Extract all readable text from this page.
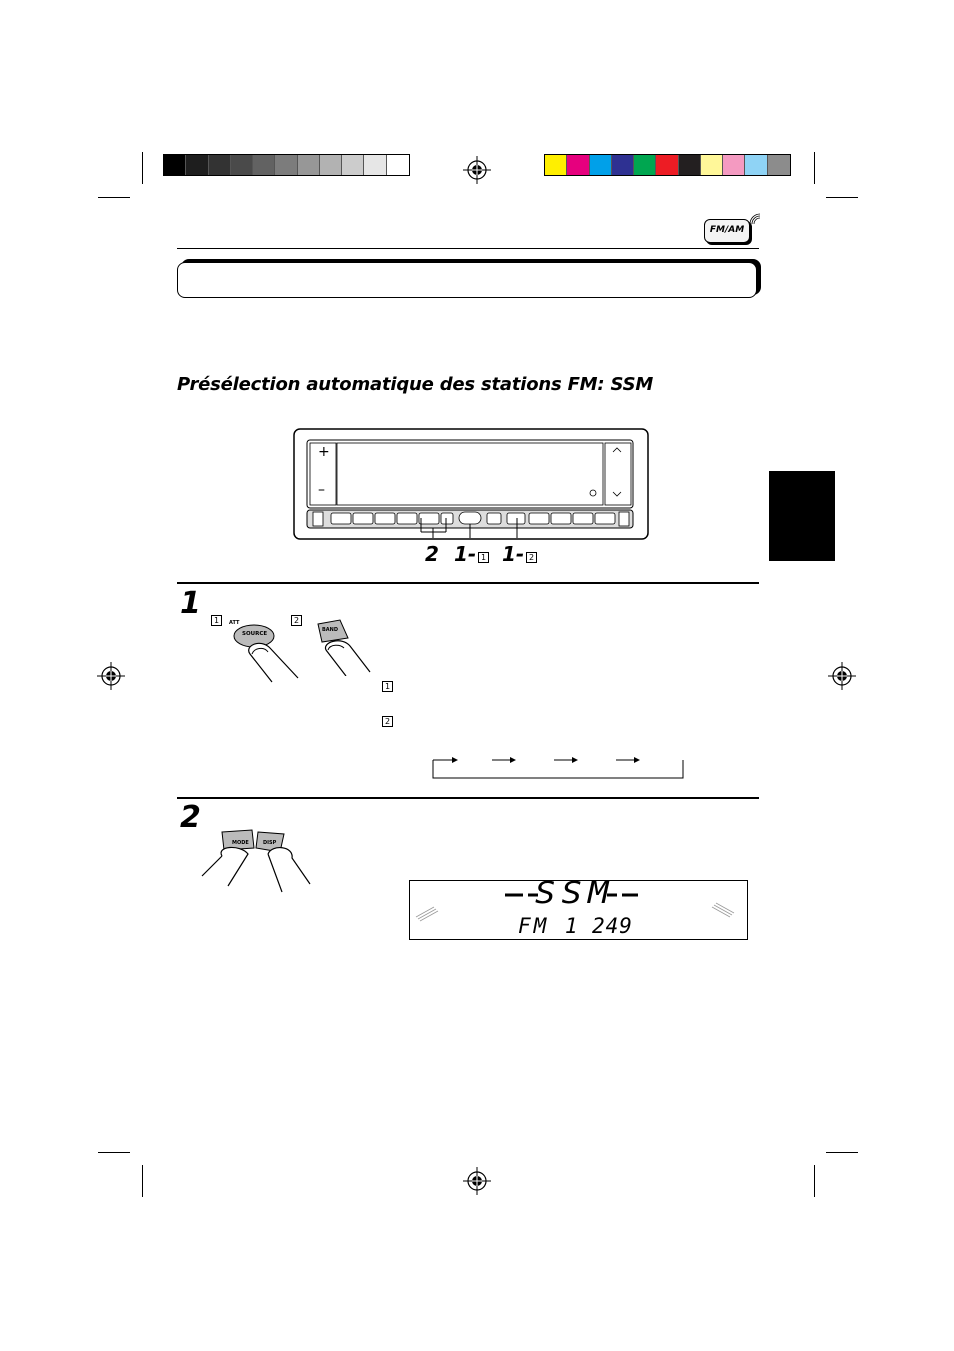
FM/AM
Présélection automatique des stations FM: SSM
+
–
2 1- 1 1- 2
1	1	2
ATT
SOURCE
BAND
1
2
2
MODE	DISP
SSM
FM 1 249
